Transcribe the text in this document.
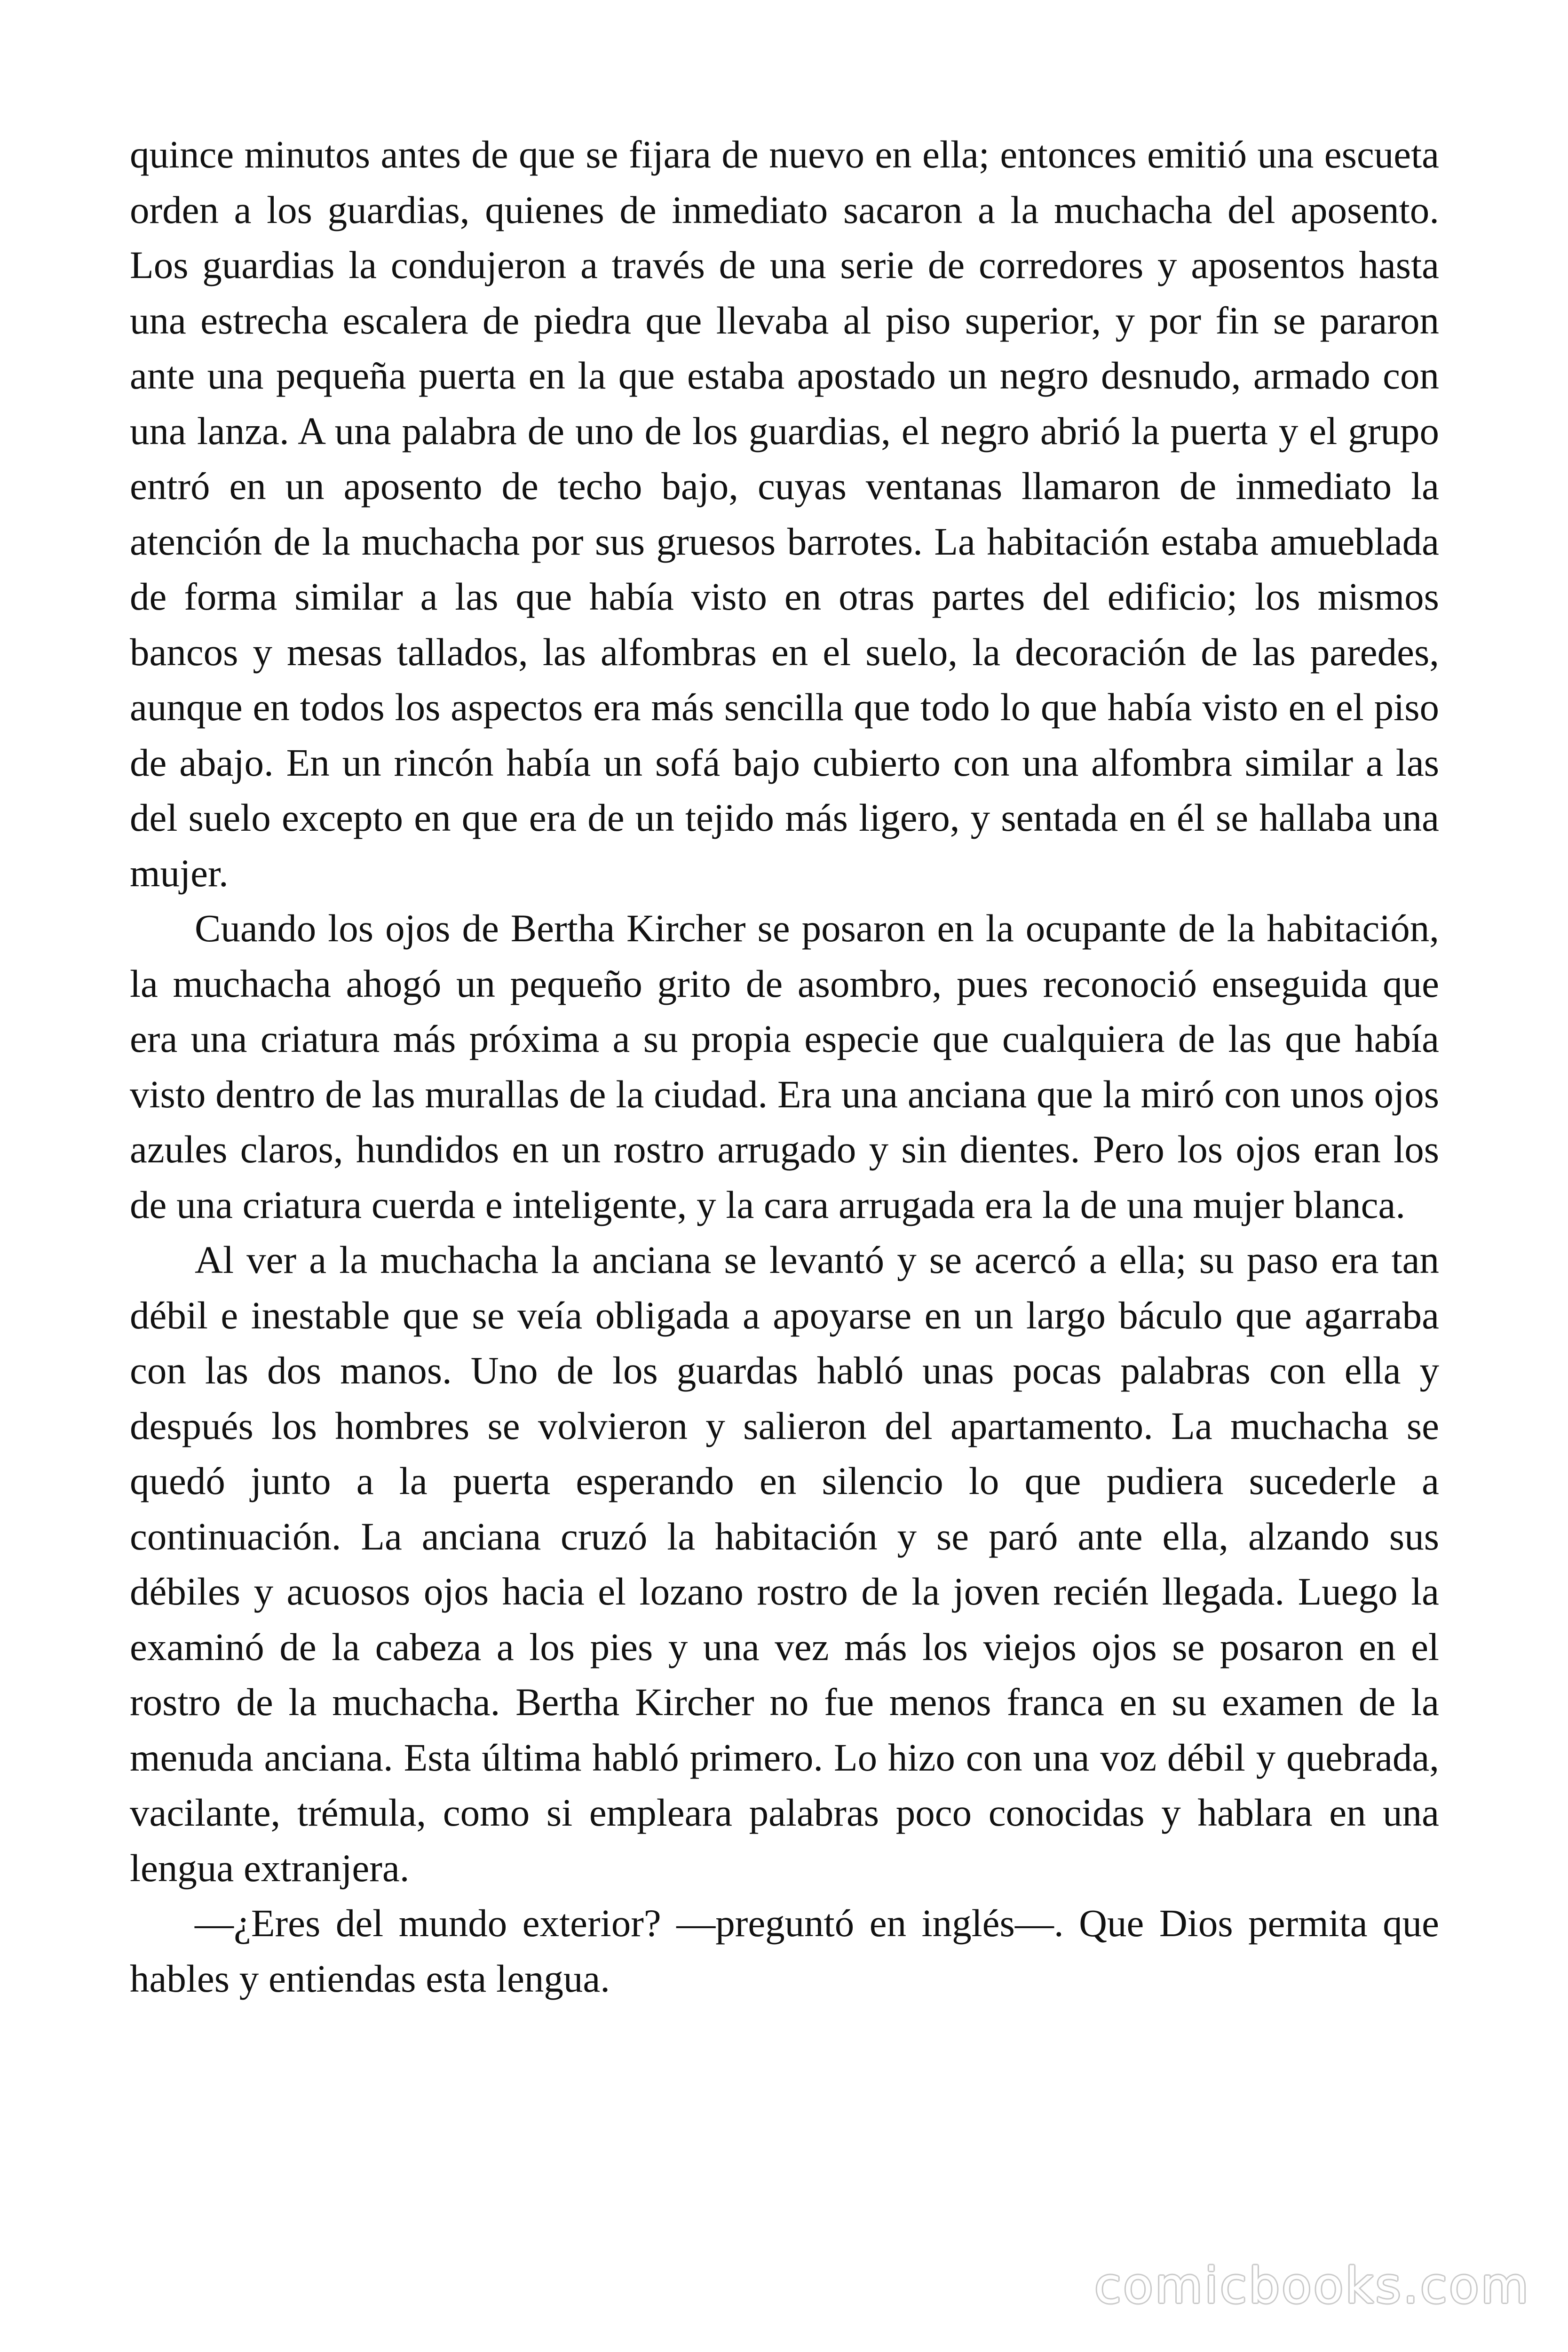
quince minutos antes de que se fijara de nuevo en ella; entonces emitió una escueta orden a los guardias, quienes de inmediato sacaron a la muchacha del aposento. Los guardias la condujeron a través de una serie de corredores y aposentos hasta una estrecha escalera de piedra que llevaba al piso superior, y por fin se pararon ante una pequeña puerta en la que estaba apostado un negro desnudo, armado con una lanza. A una palabra de uno de los guardias, el negro abrió la puerta y el grupo entró en un aposento de techo bajo, cuyas ventanas llamaron de inmediato la atención de la muchacha por sus gruesos barrotes. La habitación estaba amueblada de forma similar a las que había visto en otras partes del edificio; los mismos bancos y mesas tallados, las alfombras en el suelo, la decoración de las paredes, aunque en todos los aspectos era más sencilla que todo lo que había visto en el piso de abajo. En un rincón había un sofá bajo cubierto con una alfombra similar a las del suelo excepto en que era de un tejido más ligero, y sentada en él se hallaba una mujer.

Cuando los ojos de Bertha Kircher se posaron en la ocupante de la habitación, la muchacha ahogó un pequeño grito de asombro, pues reconoció enseguida que era una criatura más próxima a su propia especie que cualquiera de las que había visto dentro de las murallas de la ciudad. Era una anciana que la miró con unos ojos azules claros, hundidos en un rostro arrugado y sin dientes. Pero los ojos eran los de una criatura cuerda e inteligente, y la cara arrugada era la de una mujer blanca.

Al ver a la muchacha la anciana se levantó y se acercó a ella; su paso era tan débil e inestable que se veía obligada a apoyarse en un largo báculo que agarraba con las dos manos. Uno de los guardas habló unas pocas palabras con ella y después los hombres se volvieron y salieron del apartamento. La muchacha se quedó junto a la puerta esperando en silencio lo que pudiera sucederle a continuación. La anciana cruzó la habitación y se paró ante ella, alzando sus débiles y acuosos ojos hacia el lozano rostro de la joven recién llegada. Luego la examinó de la cabeza a los pies y una vez más los viejos ojos se posaron en el rostro de la muchacha. Bertha Kircher no fue menos franca en su examen de la menuda anciana. Esta última habló primero. Lo hizo con una voz débil y quebrada, vacilante, trémula, como si empleara palabras poco conocidas y hablara en una lengua extranjera.

—¿Eres del mundo exterior? —preguntó en inglés—. Que Dios permita que hables y entiendas esta lengua.

comicbooks.com
